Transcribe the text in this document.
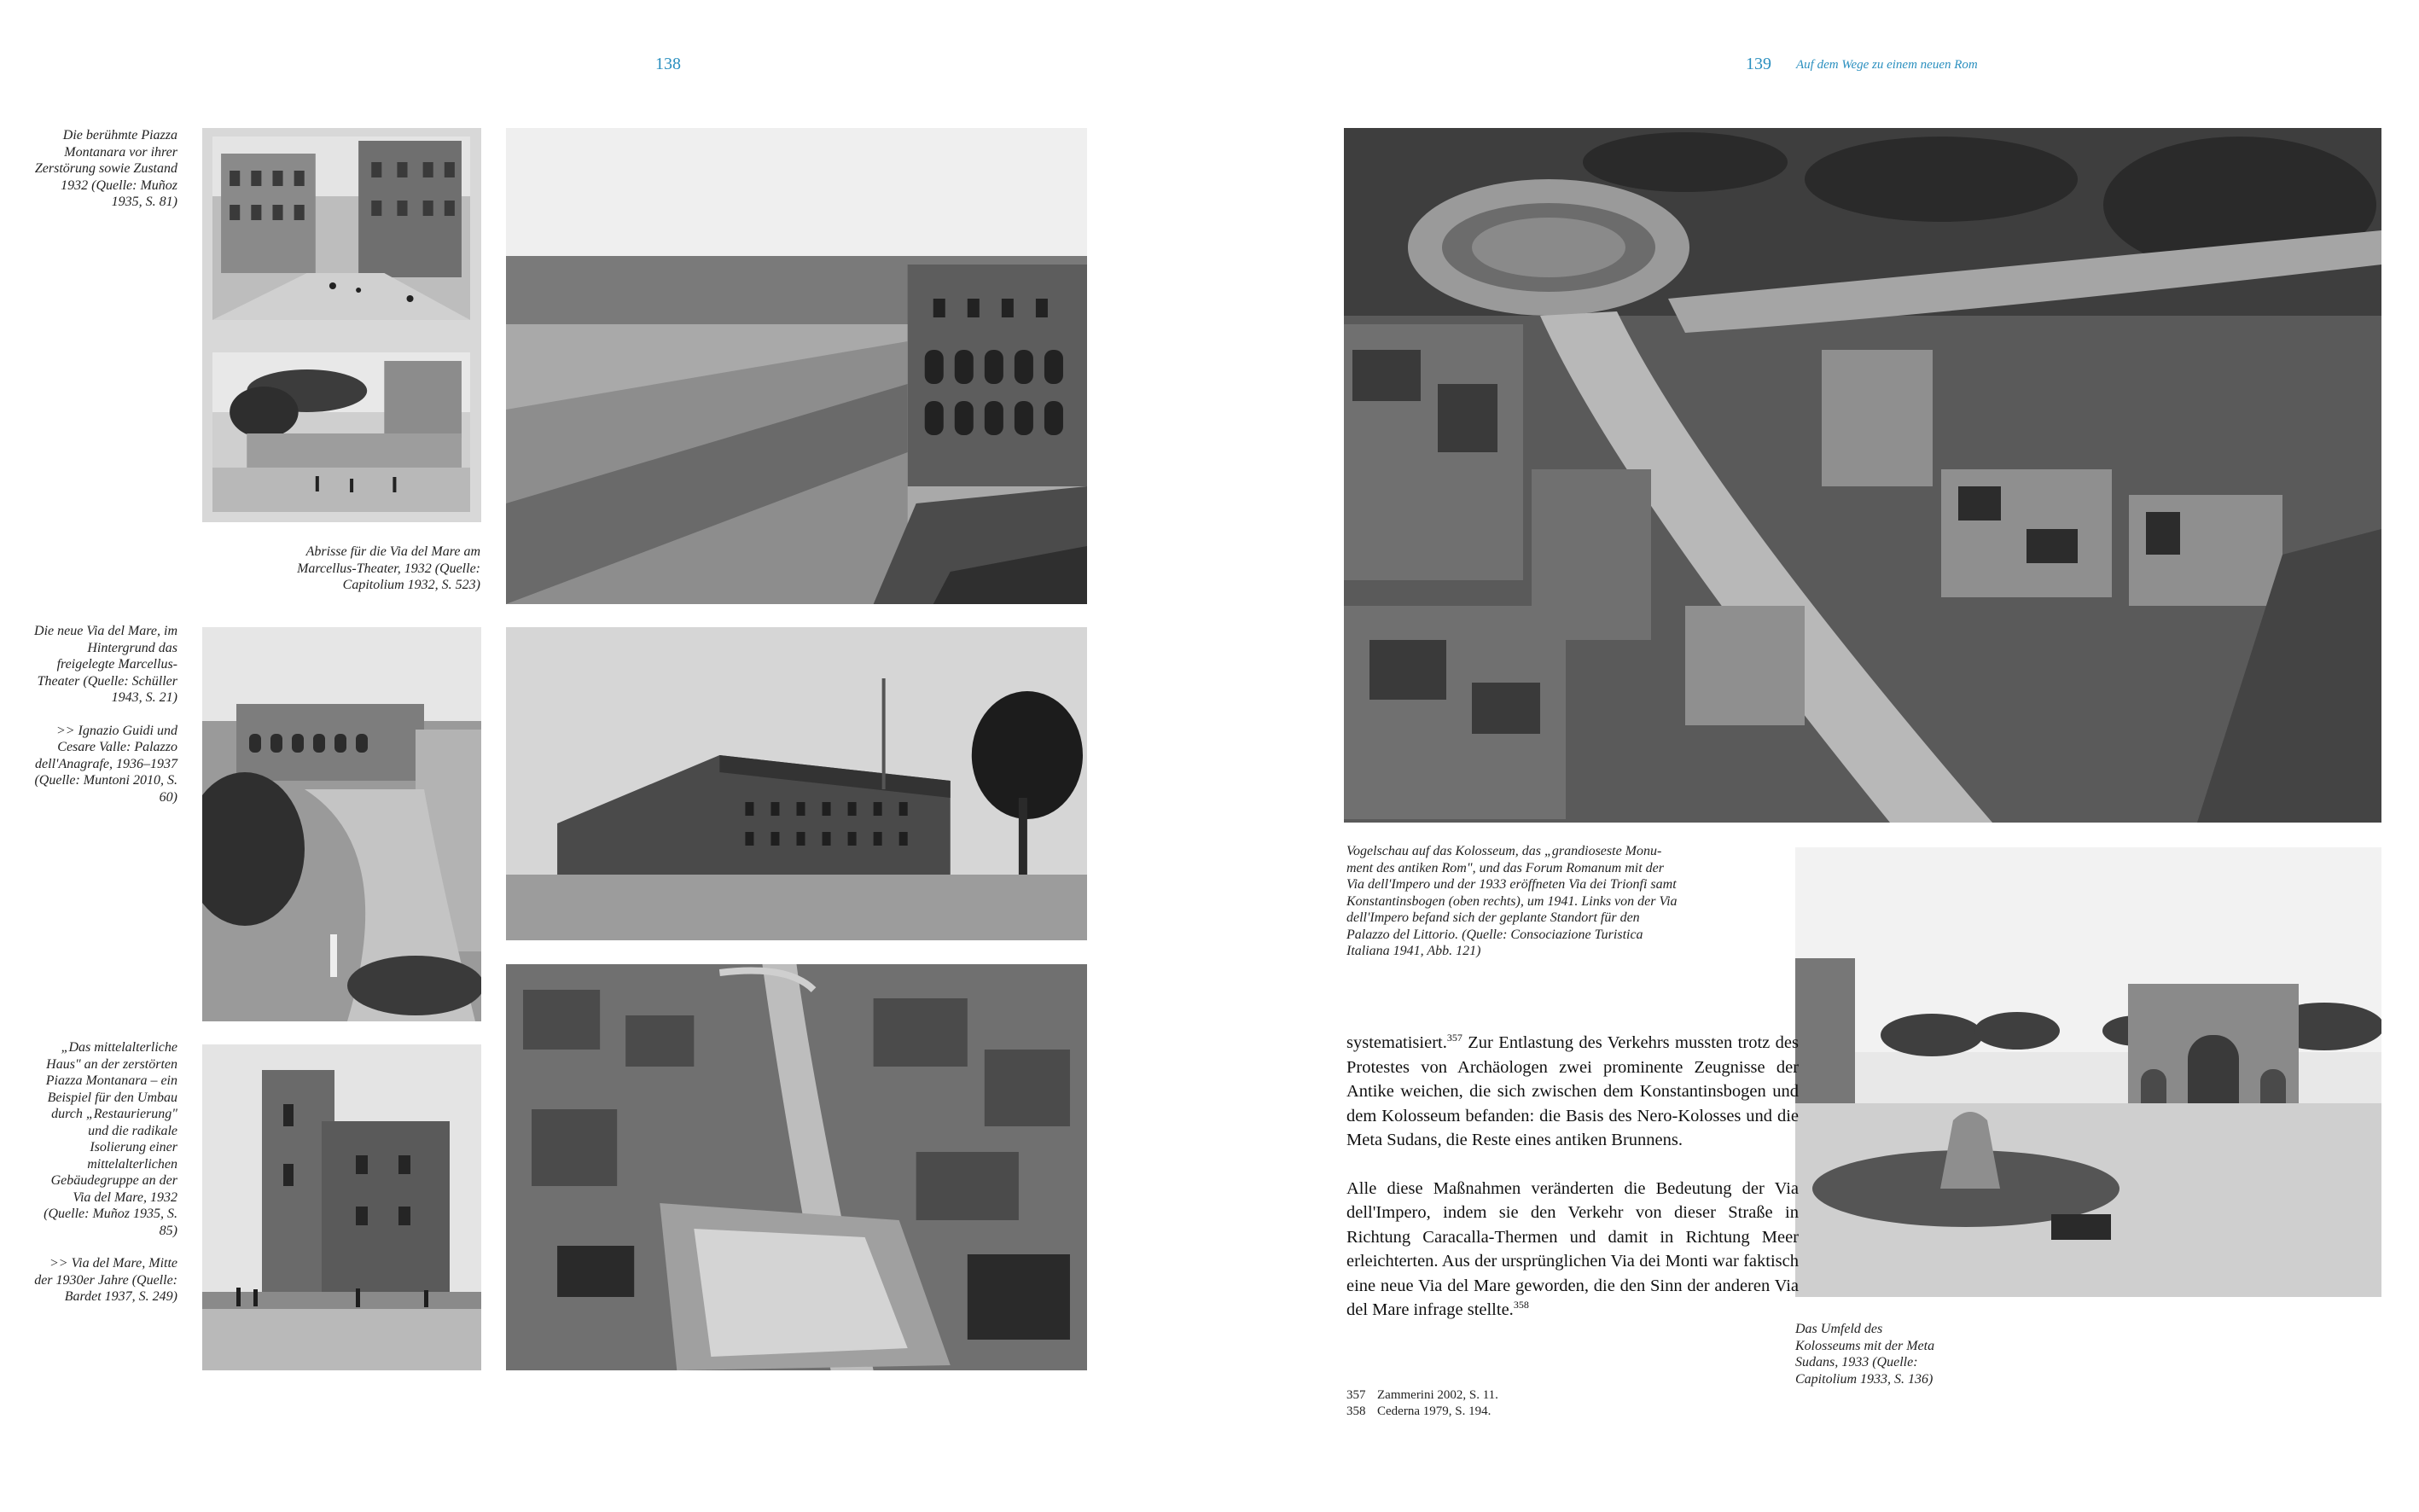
138	139 Auf dem Wege zu einem neuen Rom
Die berühmte Piazza Montanara vor ihrer Zerstörung sowie Zustand 1932 (Quelle: Muñoz 1935, S. 81)
Abrisse für die Via del Mare am Marcellus-Theater, 1932 (Quelle: Capitolium 1932, S. 523)

Die neue Via del Mare, im Hintergrund das freigelegte Marcellus-Theater (Quelle: Schüller 1943, S. 21)

>> Ignazio Guidi und Cesare Valle: Palazzo dell'Anagrafe, 1936–1937 (Quelle: Muntoni 2010, S. 60)

„Das mittelalterliche Haus" an der zerstörten Piazza Montanara – ein Beispiel für den Umbau durch „Restaurierung" und die radikale Isolierung einer mittelalterlichen Gebäudegruppe an der Via del Mare, 1932 (Quelle: Muñoz 1935, S. 85)

>> Via del Mare, Mitte der 1930er Jahre (Quelle: Bardet 1937, S. 249)

Vogelschau auf das Kolosseum, das „grandioseste Monument des antiken Rom", und das Forum Romanum mit der Via dell'Impero und der 1933 eröffneten Via dei Trionfi samt Konstantinsbogen (oben rechts), um 1941. Links von der Via dell'Impero befand sich der geplante Standort für den Palazzo del Littorio. (Quelle: Consociazione Turistica Italiana 1941, Abb. 121)
Das Umfeld des Kolosseums mit der Meta Sudans, 1933 (Quelle: Capitolium 1933, S. 136)

systematisiert.$^{357}$ Zur Entlastung des Verkehrs mussten trotz des Protestes von Archäologen zwei prominente Zeugnisse der Antike weichen, die sich zwischen dem Konstantinsbogen und dem Kolosseum befanden: die Basis des Nero-Kolosses und die Meta Sudans, die Reste eines antiken Brunnens.

Alle diese Maßnahmen veränderten die Bedeutung der Via dell'Impero, indem sie den Verkehr von dieser Straße in Richtung Caracalla-Thermen und damit in Richtung Meer erleichterten. Aus der ursprünglichen Via dei Monti war faktisch eine neue Via del Mare geworden, die den Sinn der anderen Via del Mare infrage stellte.$^{358}$

357 Zammerini 2002, S. 11.
358 Cederna 1979, S. 194.
